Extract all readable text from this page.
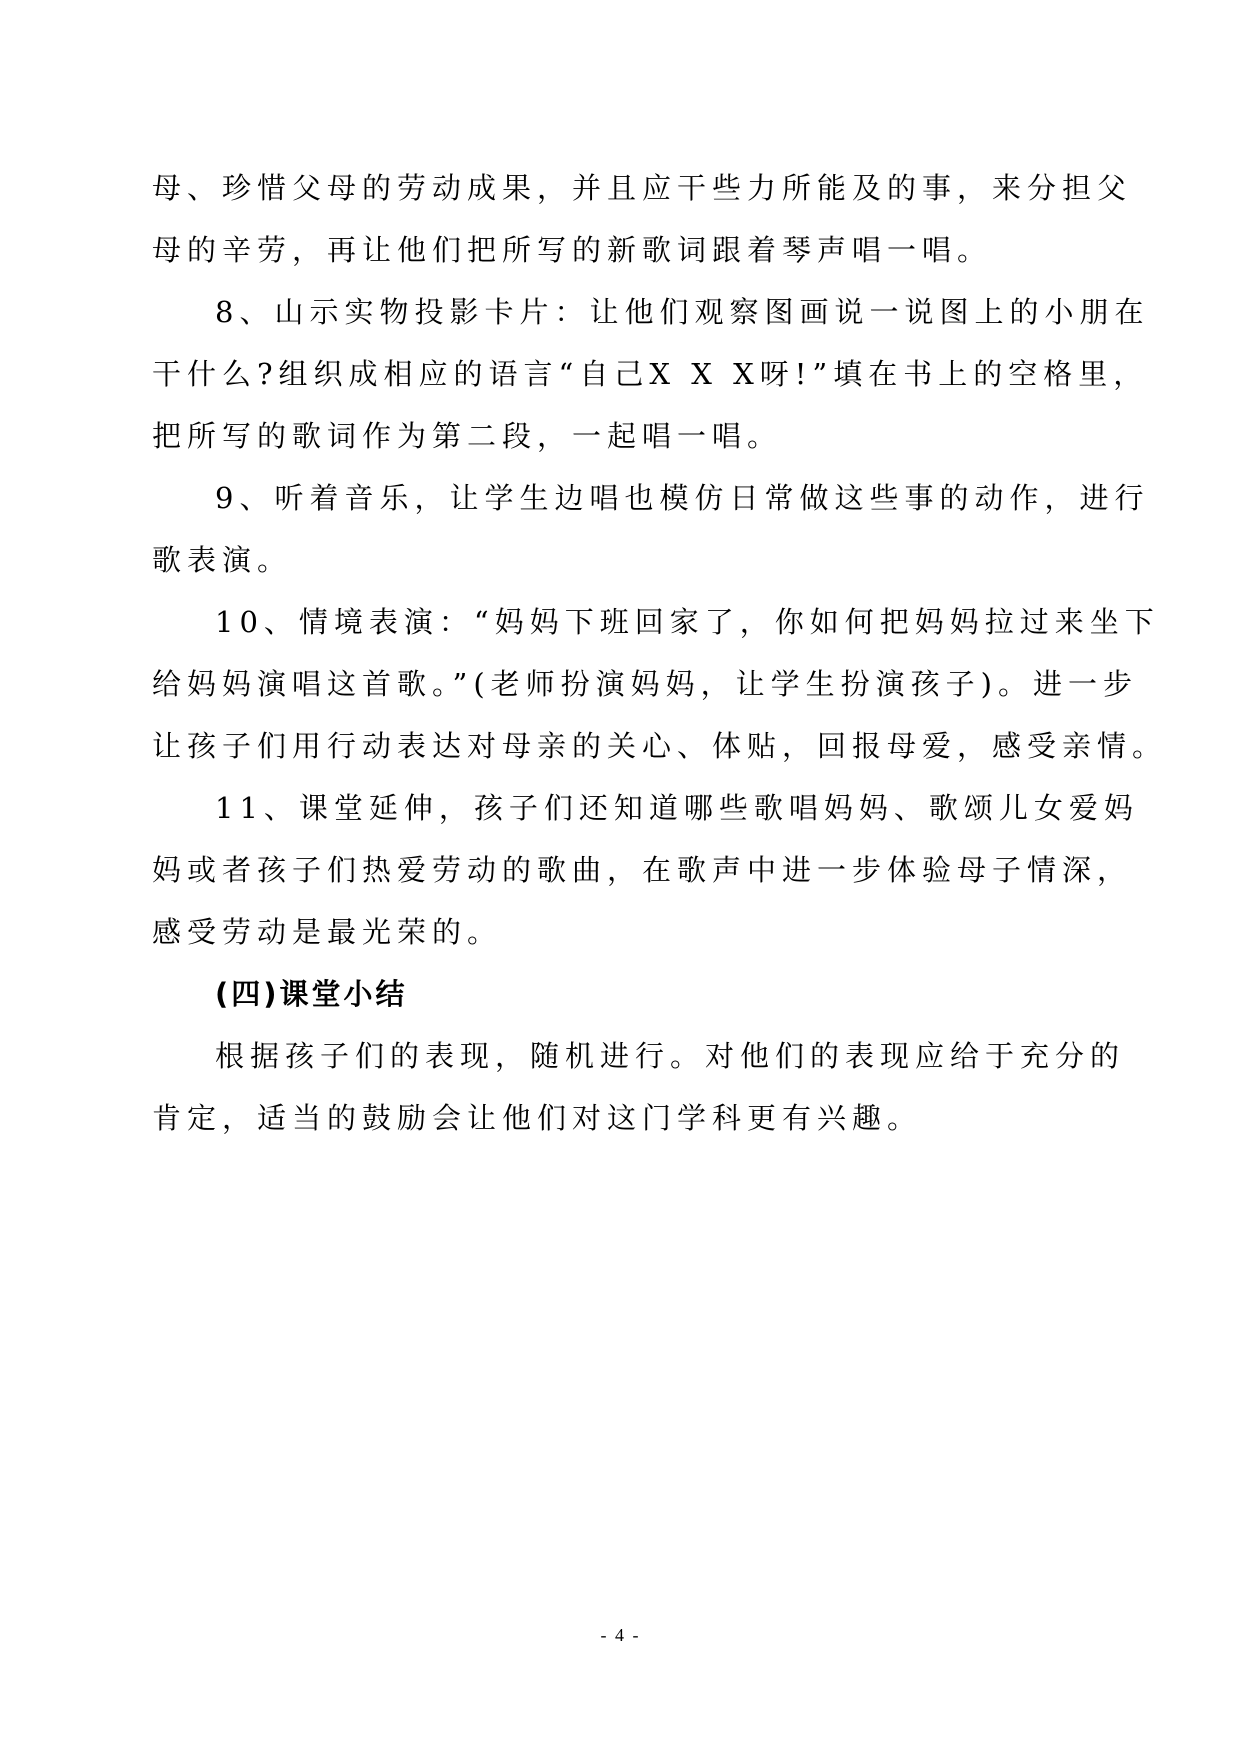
母、珍惜父母的劳动成果，并且应干些力所能及的事，来分担父
母的辛劳，再让他们把所写的新歌词跟着琴声唱一唱。
8、山示实物投影卡片：让他们观察图画说一说图上的小朋在
干什么?组织成相应的语言“自己X X X呀!”填在书上的空格里，
把所写的歌词作为第二段，一起唱一唱。
9、听着音乐，让学生边唱也模仿日常做这些事的动作，进行
歌表演。
10、情境表演：“妈妈下班回家了，你如何把妈妈拉过来坐下
给妈妈演唱这首歌。”(老师扮演妈妈，让学生扮演孩子)。进一步
让孩子们用行动表达对母亲的关心、体贴，回报母爱，感受亲情。
11、课堂延伸，孩子们还知道哪些歌唱妈妈、歌颂儿女爱妈
妈或者孩子们热爱劳动的歌曲，在歌声中进一步体验母子情深，
感受劳动是最光荣的。
(四)课堂小结
根据孩子们的表现，随机进行。对他们的表现应给于充分的
肯定，适当的鼓励会让他们对这门学科更有兴趣。
- 4 -
